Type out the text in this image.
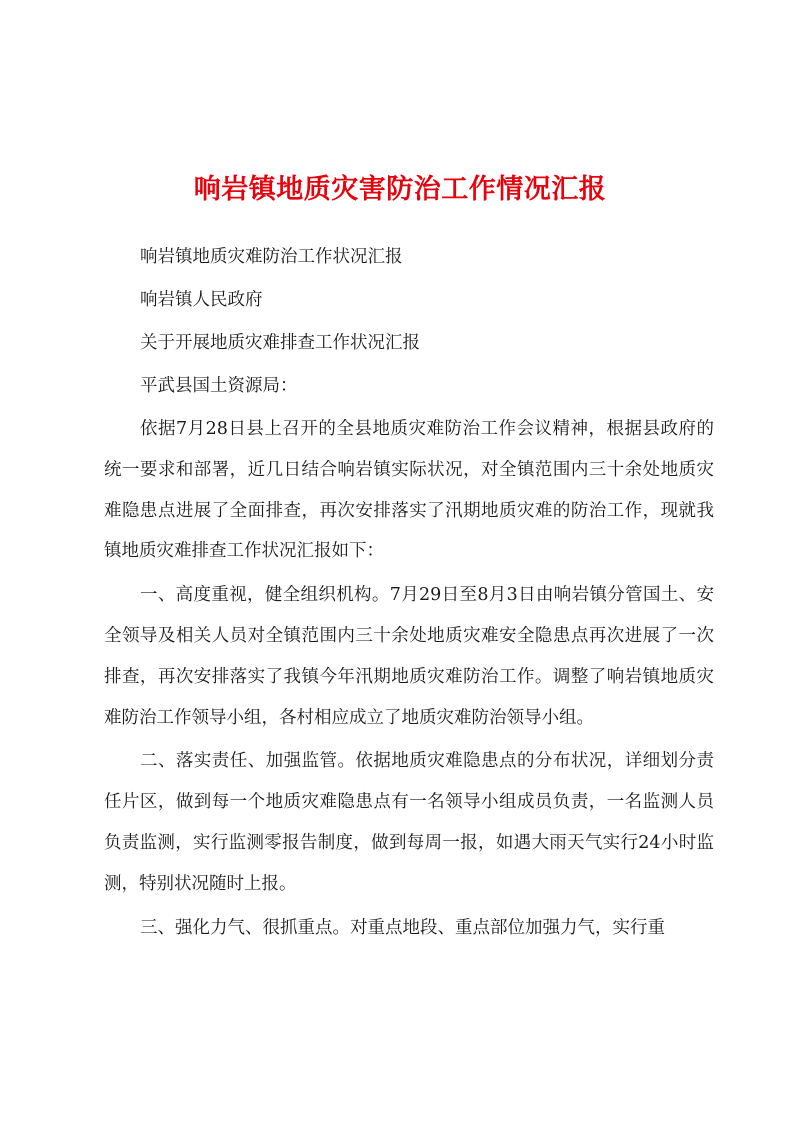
响岩镇地质灾害防治工作情况汇报

响岩镇地质灾难防治工作状况汇报

响岩镇人民政府

关于开展地质灾难排查工作状况汇报

平武县国土资源局：

依据7月28日县上召开的全县地质灾难防治工作会议精神，根据县政府的统一要求和部署，近几日结合响岩镇实际状况，对全镇范围内三十余处地质灾难隐患点进展了全面排查，再次安排落实了汛期地质灾难的防治工作，现就我镇地质灾难排查工作状况汇报如下：

一、高度重视，健全组织机构。7月29日至8月3日由响岩镇分管国土、安全领导及相关人员对全镇范围内三十余处地质灾难安全隐患点再次进展了一次排查，再次安排落实了我镇今年汛期地质灾难防治工作。调整了响岩镇地质灾难防治工作领导小组，各村相应成立了地质灾难防治领导小组。

二、落实责任、加强监管。依据地质灾难隐患点的分布状况，详细划分责任片区，做到每一个地质灾难隐患点有一名领导小组成员负责，一名监测人员负责监测，实行监测零报告制度，做到每周一报，如遇大雨天气实行24小时监测，特别状况随时上报。

三、强化力气、很抓重点。对重点地段、重点部位加强力气，实行重
